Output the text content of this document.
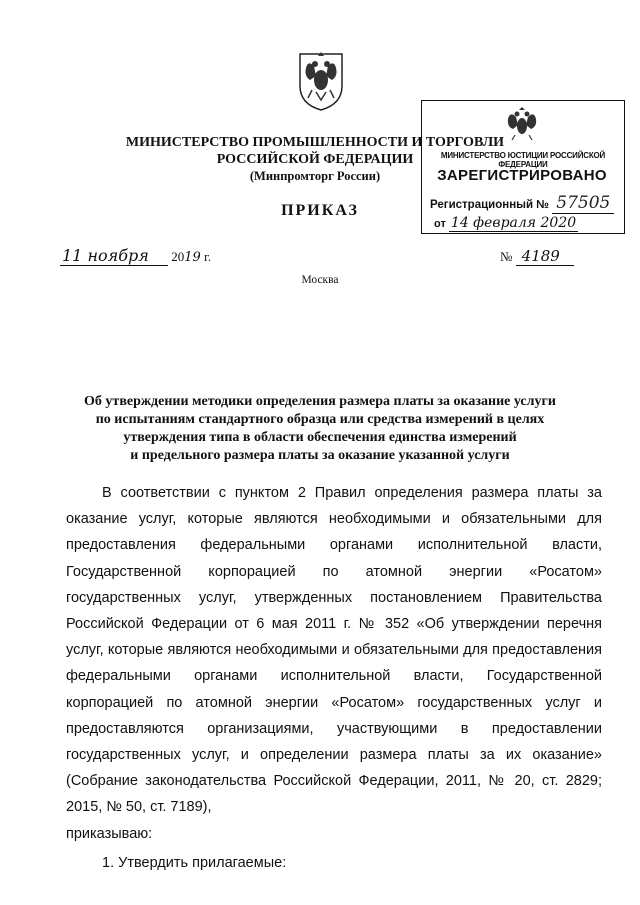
МИНИСТЕРСТВО ПРОМЫШЛЕННОСТИ И ТОРГОВЛИ
РОССИЙСКОЙ ФЕДЕРАЦИИ
(Минпромторг России)
МИНИСТЕРСТВО ЮСТИЦИИ РОССИЙСКОЙ ФЕДЕРАЦИИ
ЗАРЕГИСТРИРОВАНО
Регистрационный № 57505
от 14 февраля 2020
ПРИКАЗ
11 ноября 2019 г.	№ 4189
Москва
Об утверждении методики определения размера платы за оказание услуги
по испытаниям стандартного образца или средства измерений в целях
утверждения типа в области обеспечения единства измерений
и предельного размера платы за оказание указанной услуги

В соответствии с пунктом 2 Правил определения размера платы за оказание услуг, которые являются необходимыми и обязательными для предоставления федеральными органами исполнительной власти, Государственной корпорацией по атомной энергии «Росатом» государственных услуг, утвержденных постановлением Правительства Российской Федерации от 6 мая 2011 г. № 352 «Об утверждении перечня услуг, которые являются необходимыми и обязательными для предоставления федеральными органами исполнительной власти, Государственной корпорацией по атомной энергии «Росатом» государственных услуг и предоставляются организациями, участвующими в предоставлении государственных услуг, и определении размера платы за их оказание» (Собрание законодательства Российской Федерации, 2011, № 20, ст. 2829; 2015, № 50, ст. 7189),

приказываю:

1. Утвердить прилагаемые:
